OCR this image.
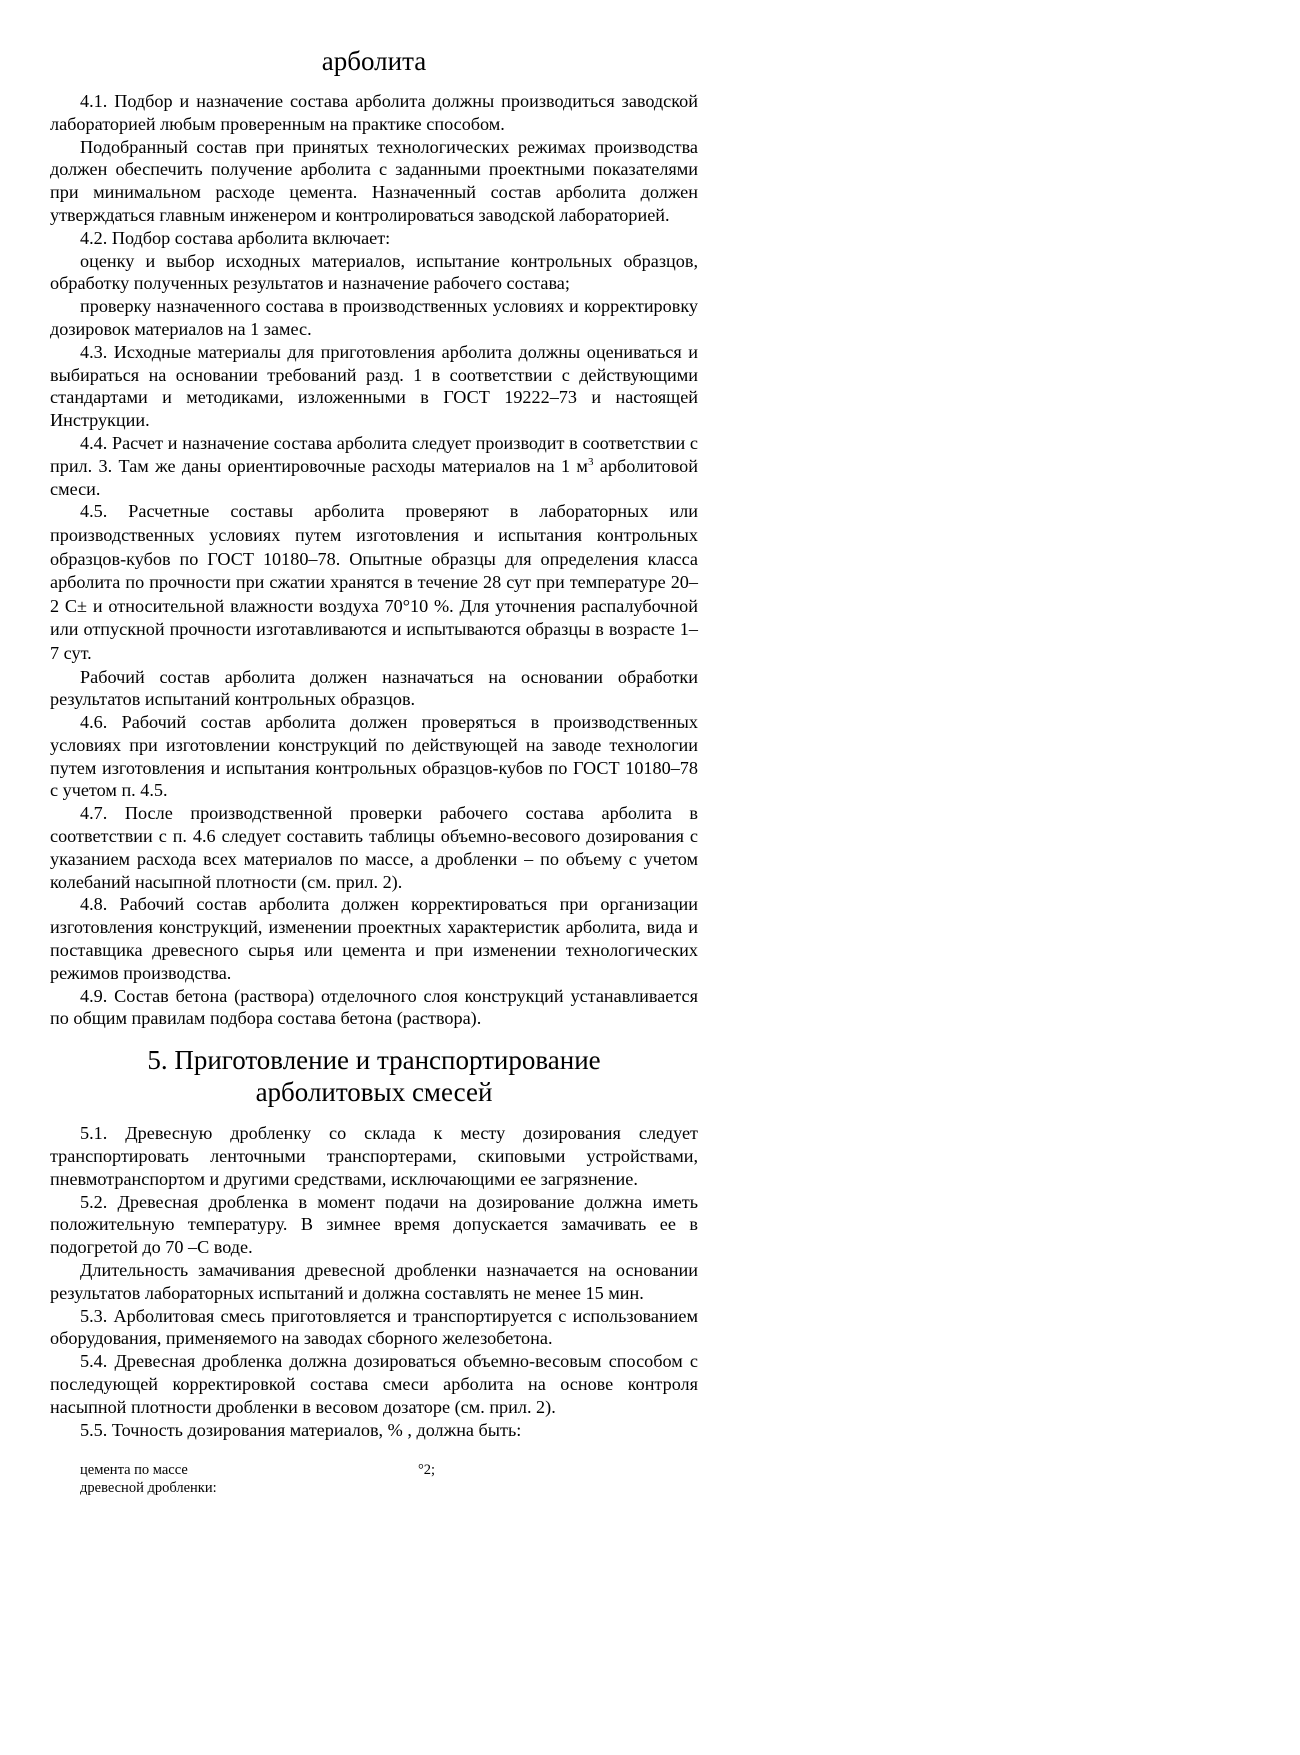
арболита

4.1. Подбор и назначение состава арболита должны производиться заводской лабораторией любым проверенным на практике способом.

Подобранный состав при принятых технологических режимах производства должен обеспечить получение арболита с заданными проектными показателями при минимальном расходе цемента. Назначенный состав арболита должен утверждаться главным инженером и контролироваться заводской лабораторией.

4.2. Подбор состава арболита включает:

оценку и выбор исходных материалов, испытание контрольных образцов, обработку полученных результатов и назначение рабочего состава;

проверку назначенного состава в производственных условиях и корректировку дозировок материалов на 1 замес.

4.3. Исходные материалы для приготовления арболита должны оцениваться и выбираться на основании требований разд. 1 в соответствии с действующими стандартами и методиками, изложенными в ГОСТ 19222–73 и настоящей Инструкции.

4.4. Расчет и назначение состава арболита следует производит в соответствии с прил. 3. Там же даны ориентировочные расходы материалов на 1 $м^3$ арболитовой смеси.

4.5. Расчетные составы арболита проверяют в лабораторных или производственных условиях путем изготовления и испытания контрольных образцов-кубов по ГОСТ 10180–78. Опытные образцы для определения класса арболита по прочности при сжатии хранятся в течение 28 сут при температуре 20–2 С± и относительной влажности воздуха 70°10 %. Для уточнения распалубочной или отпускной прочности изготавливаются и испытываются образцы в возрасте 1–7 сут.

Рабочий состав арболита должен назначаться на основании обработки результатов испытаний контрольных образцов.

4.6. Рабочий состав арболита должен проверяться в производственных условиях при изготовлении конструкций по действующей на заводе технологии путем изготовления и испытания контрольных образцов-кубов по ГОСТ 10180–78 с учетом п. 4.5.

4.7. После производственной проверки рабочего состава арболита в соответствии с п. 4.6 следует составить таблицы объемно-весового дозирования с указанием расхода всех материалов по массе, а дробленки – по объему с учетом колебаний насыпной плотности (см. прил. 2).

4.8. Рабочий состав арболита должен корректироваться при организации изготовления конструкций, изменении проектных характеристик арболита, вида и поставщика древесного сырья или цемента и при изменении технологических режимов производства.

4.9. Состав бетона (раствора) отделочного слоя конструкций устанавливается по общим правилам подбора состава бетона (раствора).

5. Приготовление и транспортирование
арболитовых смесей

5.1. Древесную дробленку со склада к месту дозирования следует транспортировать ленточными транспортерами, скиповыми устройствами, пневмотранспортом и другими средствами, исключающими ее загрязнение.

5.2. Древесная дробленка в момент подачи на дозирование должна иметь положительную температуру. В зимнее время допускается замачивать ее в подогретой до 70 –С воде.

Длительность замачивания древесной дробленки назначается на основании результатов лабораторных испытаний и должна составлять не менее 15 мин.

5.3. Арболитовая смесь приготовляется и транспортируется с использованием оборудования, применяемого на заводах сборного железобетона.

5.4. Древесная дробленка должна дозироваться объемно-весовым способом с последующей корректировкой состава смеси арболита на основе контроля насыпной плотности дробленки в весовом дозаторе (см. прил. 2).

5.5. Точность дозирования материалов, % , должна быть:

цемента по массе	°2;
древесной дробленки:
